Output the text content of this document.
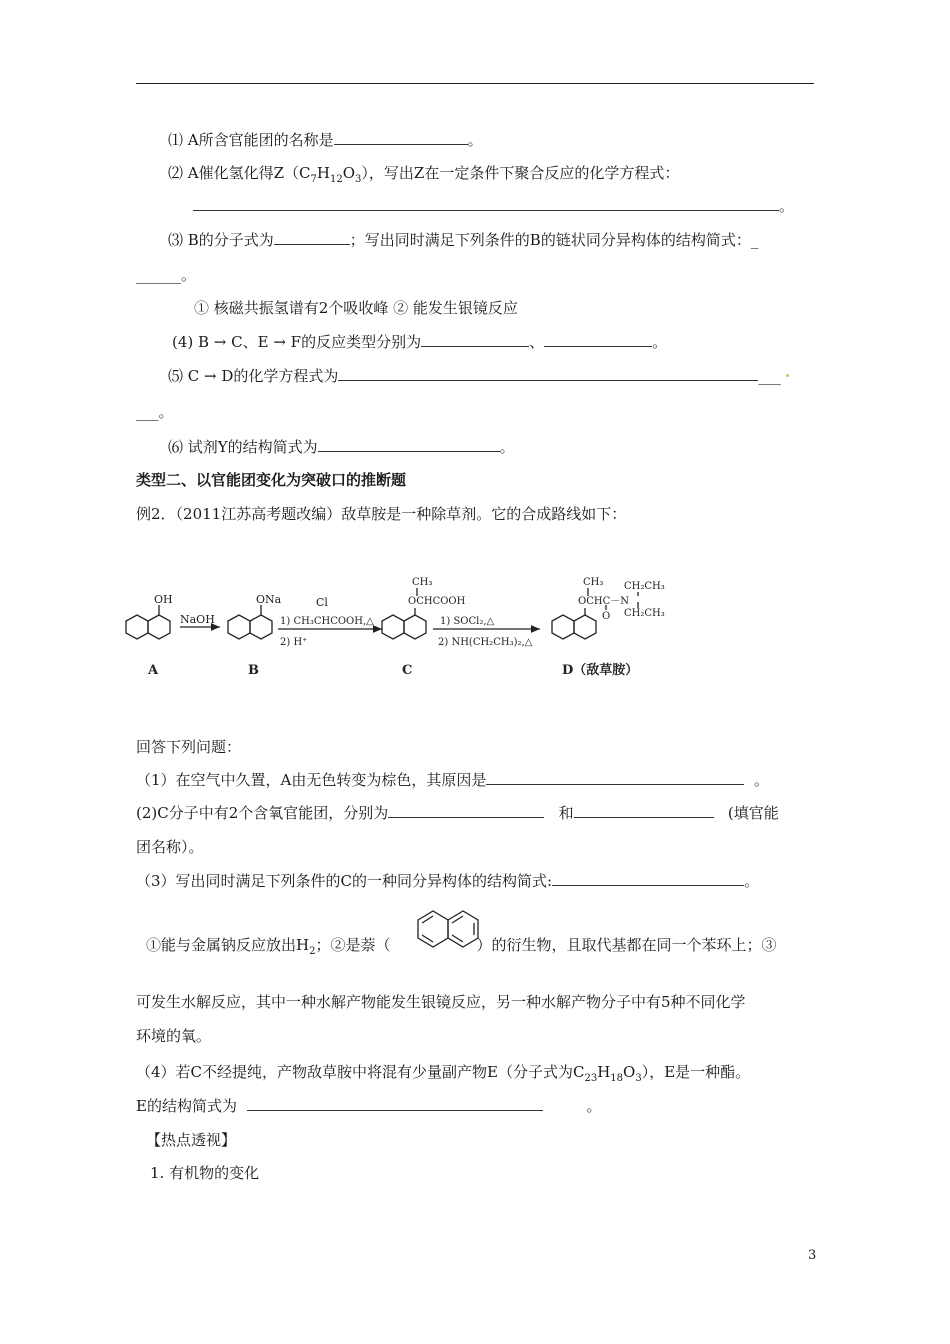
⑴ A所含官能团的名称是	。
⑵ A催化氢化得$Z(C_7H_{12}O_3)$，写出Z在一定条件下聚合反应的化学方程式：
。
⑶ B的分子式为	；写出同时满足下列条件的B的链状同分异构体的结构简式：_
______。
① 核磁共振氢谱有2个吸收峰 ② 能发生银镜反应
(4) B → C、E → F的反应类型分别为	、	。
⑸ C → D的化学方程式为	___
___。
⑹ 试剂Y的结构简式为	。
类型二、以官能团变化为突破口的推断题
例2．（2011江苏高考题改编）敌草胺是一种除草剂。它的合成路线如下：
OH
NaOH
ONa	Cl
1) CH₃CHCOOH,△
2) H⁺
CH₃
OCHCOOH
1) SOCl₂,△
2) NH(CH₂CH₃)₂,△
CH₃ CH₂CH₃
OCHC－N
O CH₂CH₃
A	B	C	D（敌草胺）
回答下列问题：
（1）在空气中久置，A由无色转变为棕色，其原因是	。
(2)C分子中有2个含氧官能团，分别为	和	(填官能
团名称）。
（3）写出同时满足下列条件的C的一种同分异构体的结构简式:	。
①能与金属钠反应放出$H_2$；②是萘（	）的衍生物，且取代基都在同一个苯环上；③
可发生水解反应，其中一种水解产物能发生银镜反应，另一种水解产物分子中有5种不同化学
环境的氧。
（4）若C不经提纯，产物敌草胺中将混有少量副产物E（分子式为$C_{23}H_{18}O_3$），E是一种酯。
E的结构简式为	。
【热点透视】
1. 有机物的变化
3
